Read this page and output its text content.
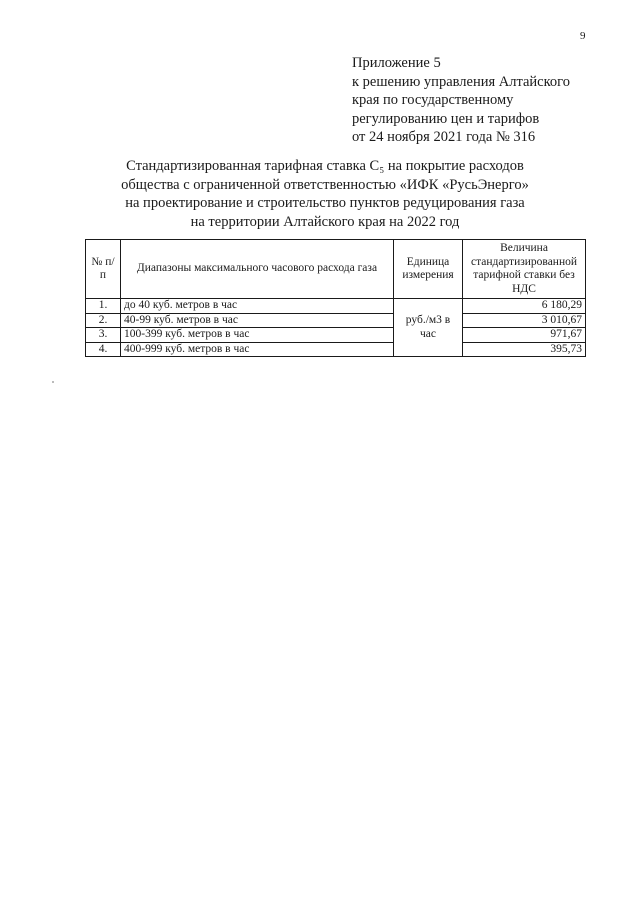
9
Приложение 5
к решению управления Алтайского
края по государственному
регулированию цен и тарифов
от 24 ноября 2021 года № 316
Стандартизированная тарифная ставка С₅ на покрытие расходов
общества с ограниченной ответственностью «ИФК «РусьЭнерго»
на проектирование и строительство пунктов редуцирования газа
на территории Алтайского края на 2022 год
№ п/п	Диапазоны максимального часового расхода газа	Единица измерения	Величина стандартизированной тарифной ставки без НДС
1.	до 40 куб. метров в час	руб./м3 в час	6 180,29
2.	40-99 куб. метров в час		3 010,67
3.	100-399 куб. метров в час		971,67
4.	400-999 куб. метров в час		395,73
